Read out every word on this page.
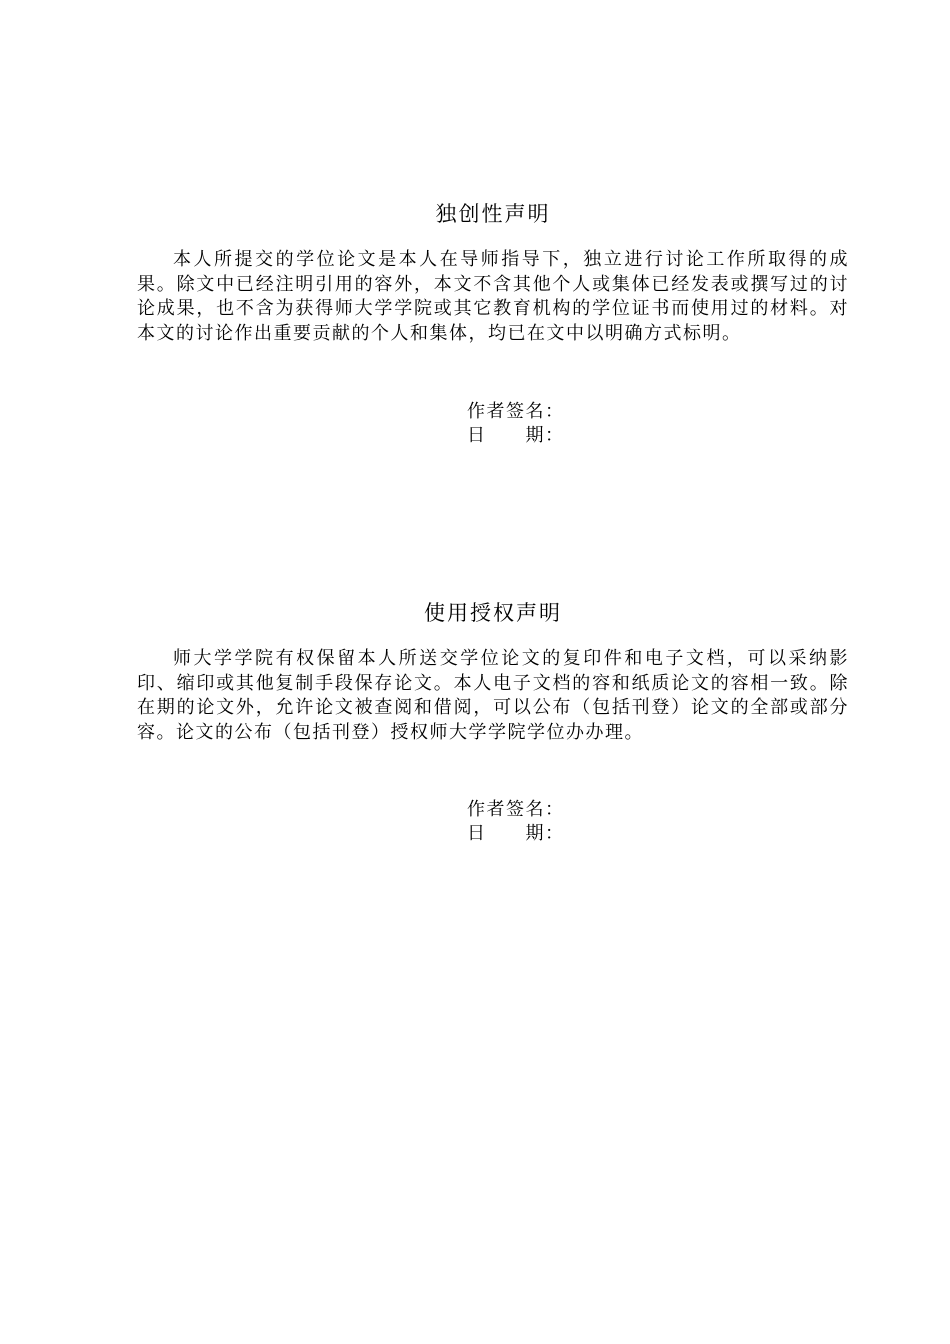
独创性声明

本人所提交的学位论文是本人在导师指导下，独立进行讨论工作所取得的成果。除文中已经注明引用的容外，本文不含其他个人或集体已经发表或撰写过的讨论成果，也不含为获得师大学学院或其它教育机构的学位证书而使用过的材料。对本文的讨论作出重要贡献的个人和集体，均已在文中以明确方式标明。

作者签名：
日　　期：
使用授权声明

师大学学院有权保留本人所送交学位论文的复印件和电子文档，可以采纳影印、缩印或其他复制手段保存论文。本人电子文档的容和纸质论文的容相一致。除在期的论文外，允许论文被查阅和借阅，可以公布（包括刊登）论文的全部或部分容。论文的公布（包括刊登）授权师大学学院学位办办理。

作者签名：
日　　期：
